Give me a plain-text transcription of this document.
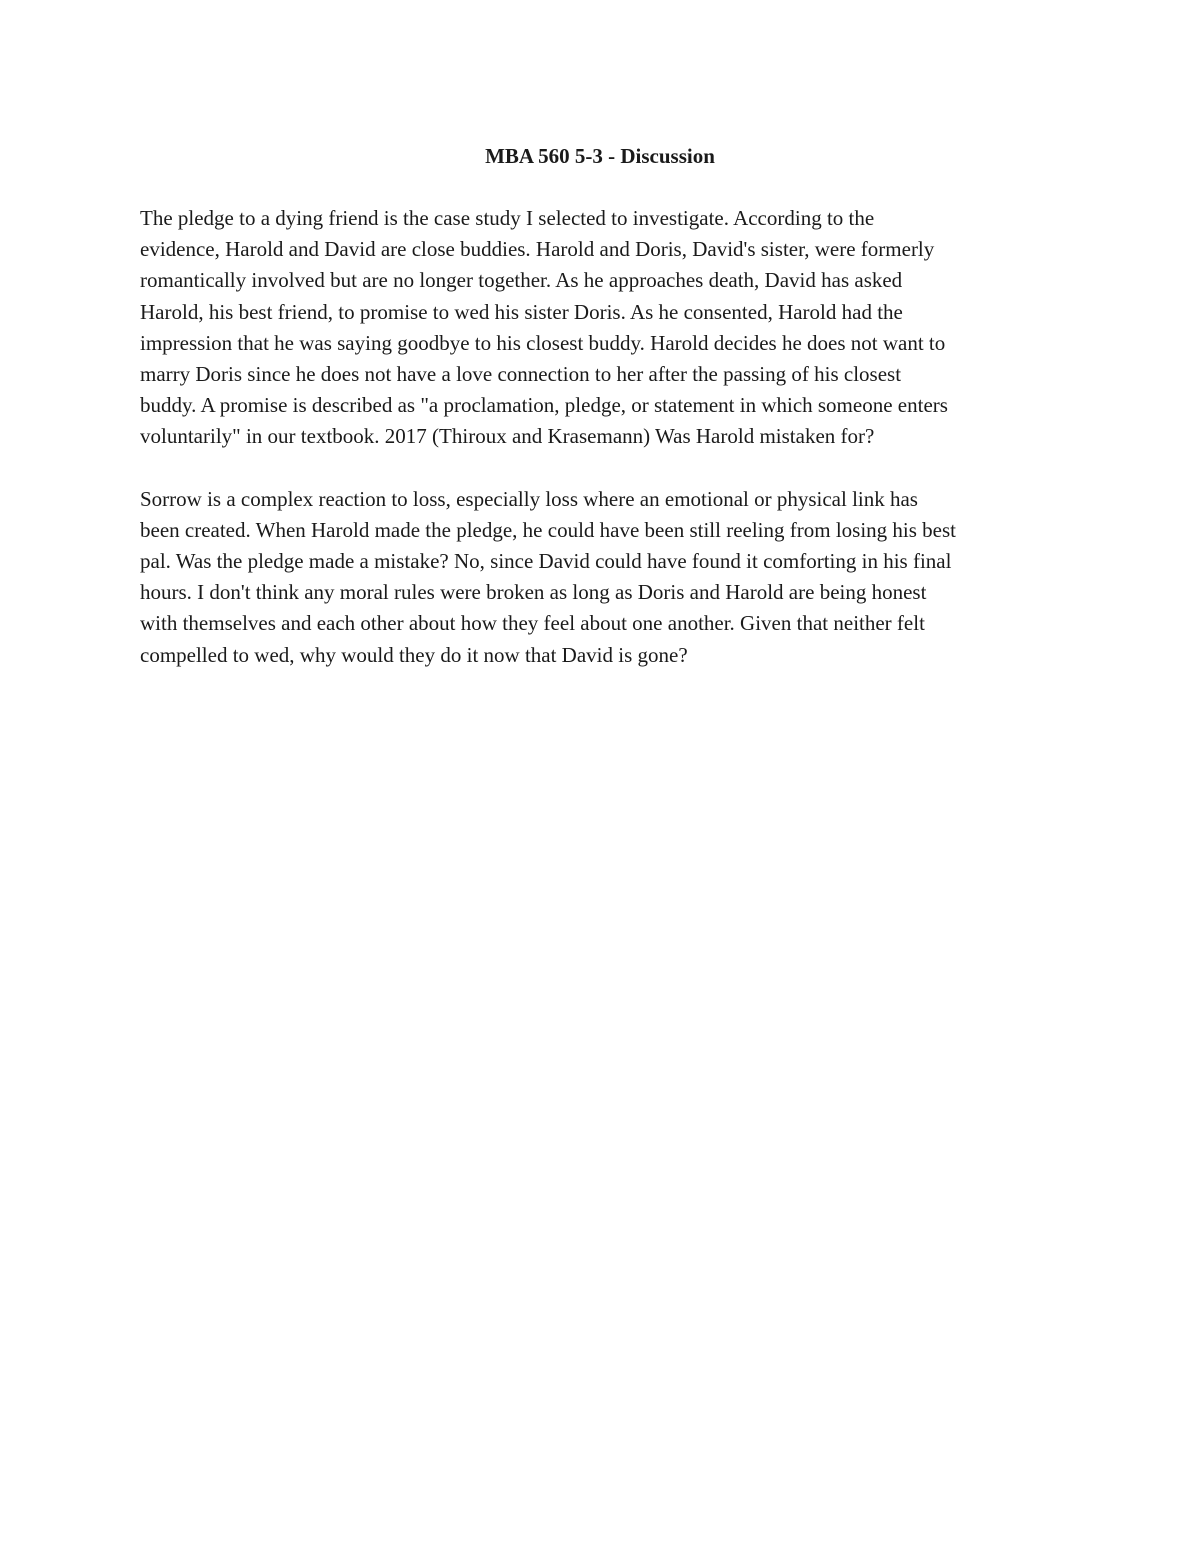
MBA 560 5-3 - Discussion

The pledge to a dying friend is the case study I selected to investigate. According to the
evidence, Harold and David are close buddies. Harold and Doris, David's sister, were formerly
romantically involved but are no longer together. As he approaches death, David has asked
Harold, his best friend, to promise to wed his sister Doris. As he consented, Harold had the
impression that he was saying goodbye to his closest buddy. Harold decides he does not want to
marry Doris since he does not have a love connection to her after the passing of his closest
buddy. A promise is described as "a proclamation, pledge, or statement in which someone enters
voluntarily" in our textbook. 2017 (Thiroux and Krasemann) Was Harold mistaken for?

Sorrow is a complex reaction to loss, especially loss where an emotional or physical link has
been created. When Harold made the pledge, he could have been still reeling from losing his best
pal. Was the pledge made a mistake? No, since David could have found it comforting in his final
hours. I don't think any moral rules were broken as long as Doris and Harold are being honest
with themselves and each other about how they feel about one another. Given that neither felt
compelled to wed, why would they do it now that David is gone?
